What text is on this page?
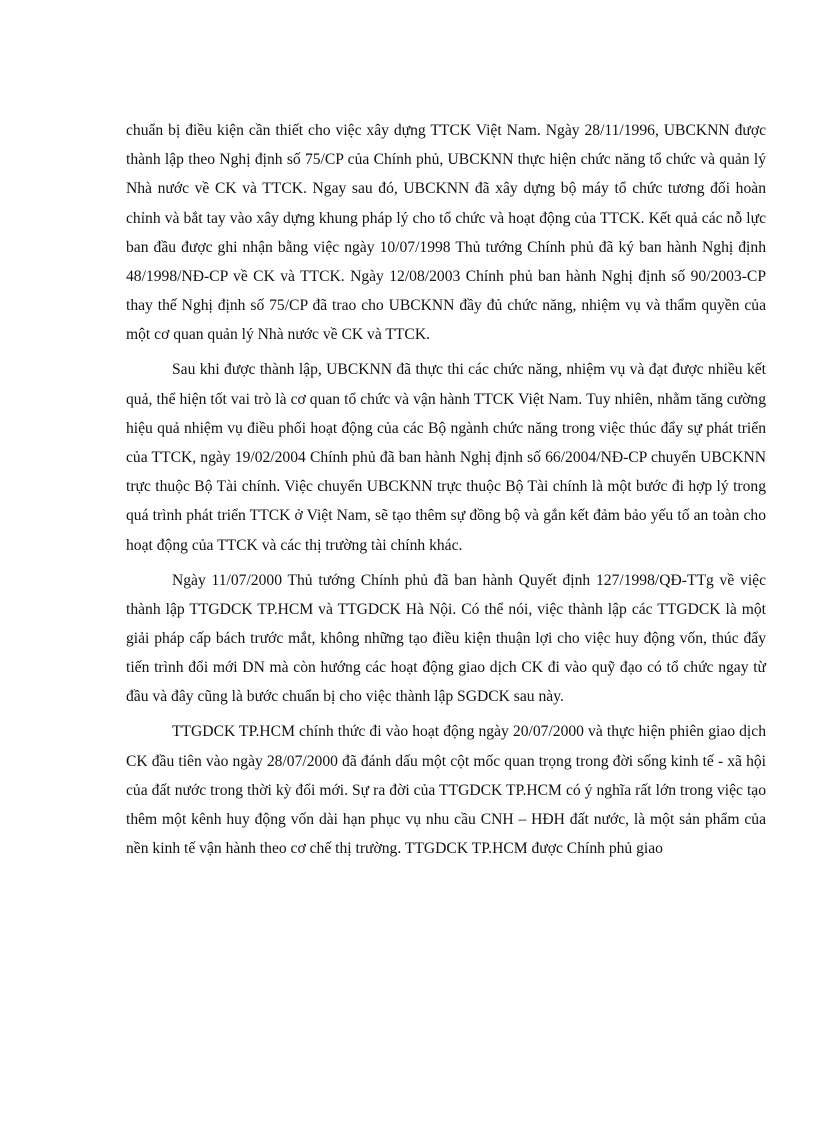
chuẩn bị điều kiện cần thiết cho việc xây dựng TTCK Việt Nam. Ngày 28/11/1996, UBCKNN được thành lập theo Nghị định số 75/CP của Chính phủ, UBCKNN thực hiện chức năng tổ chức và quản lý Nhà nước về CK và TTCK. Ngay sau đó, UBCKNN đã xây dựng bộ máy tổ chức tương đối hoàn chỉnh và bắt tay vào xây dựng khung pháp lý cho tổ chức và hoạt động của TTCK. Kết quả các nỗ lực ban đầu được ghi nhận bằng việc ngày 10/07/1998 Thủ tướng Chính phủ đã ký ban hành Nghị định 48/1998/NĐ-CP về CK và TTCK. Ngày 12/08/2003 Chính phủ ban hành Nghị định số 90/2003-CP thay thế Nghị định số 75/CP đã trao cho UBCKNN đầy đủ chức năng, nhiệm vụ và thẩm quyền của một cơ quan quản lý Nhà nước về CK và TTCK.

Sau khi được thành lập, UBCKNN đã thực thi các chức năng, nhiệm vụ và đạt được nhiều kết quả, thể hiện tốt vai trò là cơ quan tổ chức và vận hành TTCK Việt Nam. Tuy nhiên, nhằm tăng cường hiệu quả nhiệm vụ điều phối hoạt động của các Bộ ngành chức năng trong việc thúc đẩy sự phát triển của TTCK, ngày 19/02/2004 Chính phủ đã ban hành Nghị định số 66/2004/NĐ-CP chuyển UBCKNN trực thuộc Bộ Tài chính. Việc chuyển UBCKNN trực thuộc Bộ Tài chính là một bước đi hợp lý trong quá trình phát triển TTCK ở Việt Nam, sẽ tạo thêm sự đồng bộ và gắn kết đảm bảo yếu tố an toàn cho hoạt động của TTCK và các thị trường tài chính khác.

Ngày 11/07/2000 Thủ tướng Chính phủ đã ban hành Quyết định 127/1998/QĐ-TTg về việc thành lập TTGDCK TP.HCM và TTGDCK Hà Nội. Có thể nói, việc thành lập các TTGDCK là một giải pháp cấp bách trước mắt, không những tạo điều kiện thuận lợi cho việc huy động vốn, thúc đẩy tiến trình đổi mới DN mà còn hướng các hoạt động giao dịch CK đi vào quỹ đạo có tổ chức ngay từ đầu và đây cũng là bước chuẩn bị cho việc thành lập SGDCK sau này.

TTGDCK TP.HCM chính thức đi vào hoạt động ngày 20/07/2000 và thực hiện phiên giao dịch CK đầu tiên vào ngày 28/07/2000 đã đánh dấu một cột mốc quan trọng trong đời sống kinh tế - xã hội của đất nước trong thời kỳ đổi mới. Sự ra đời của TTGDCK TP.HCM có ý nghĩa rất lớn trong việc tạo thêm một kênh huy động vốn dài hạn phục vụ nhu cầu CNH – HĐH đất nước, là một sản phẩm của nền kinh tế vận hành theo cơ chế thị trường. TTGDCK TP.HCM được Chính phủ giao
